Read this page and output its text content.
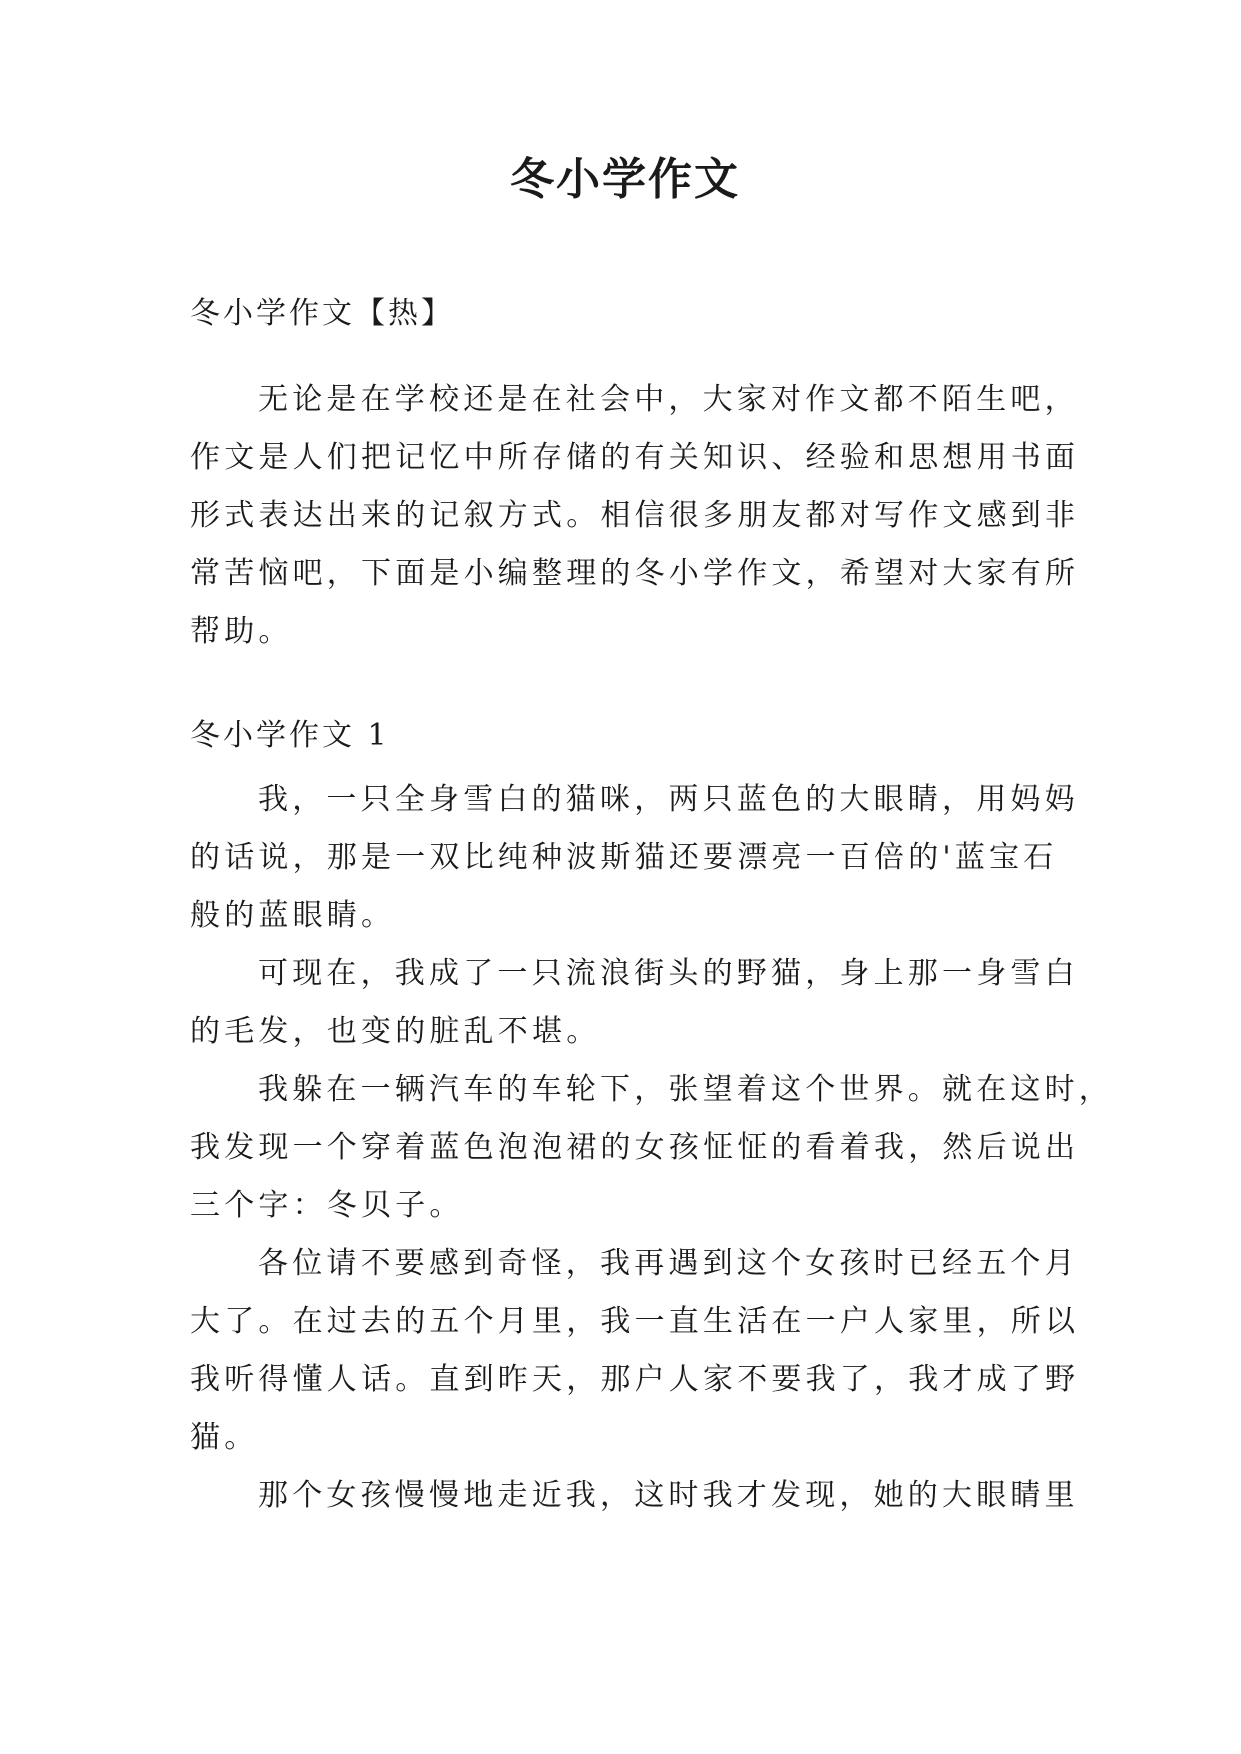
冬小学作文

冬小学作文【热】

无论是在学校还是在社会中，大家对作文都不陌生吧，
作文是人们把记忆中所存储的有关知识、经验和思想用书面
形式表达出来的记叙方式。相信很多朋友都对写作文感到非
常苦恼吧，下面是小编整理的冬小学作文，希望对大家有所
帮助。

冬小学作文 1

我，一只全身雪白的猫咪，两只蓝色的大眼睛，用妈妈
的话说，那是一双比纯种波斯猫还要漂亮一百倍的'蓝宝石
般的蓝眼睛。

可现在，我成了一只流浪街头的野猫，身上那一身雪白
的毛发，也变的脏乱不堪。

我躲在一辆汽车的车轮下，张望着这个世界。就在这时，
我发现一个穿着蓝色泡泡裙的女孩怔怔的看着我，然后说出
三个字：冬贝子。

各位请不要感到奇怪，我再遇到这个女孩时已经五个月
大了。在过去的五个月里，我一直生活在一户人家里，所以
我听得懂人话。直到昨天，那户人家不要我了，我才成了野
猫。

那个女孩慢慢地走近我，这时我才发现，她的大眼睛里
